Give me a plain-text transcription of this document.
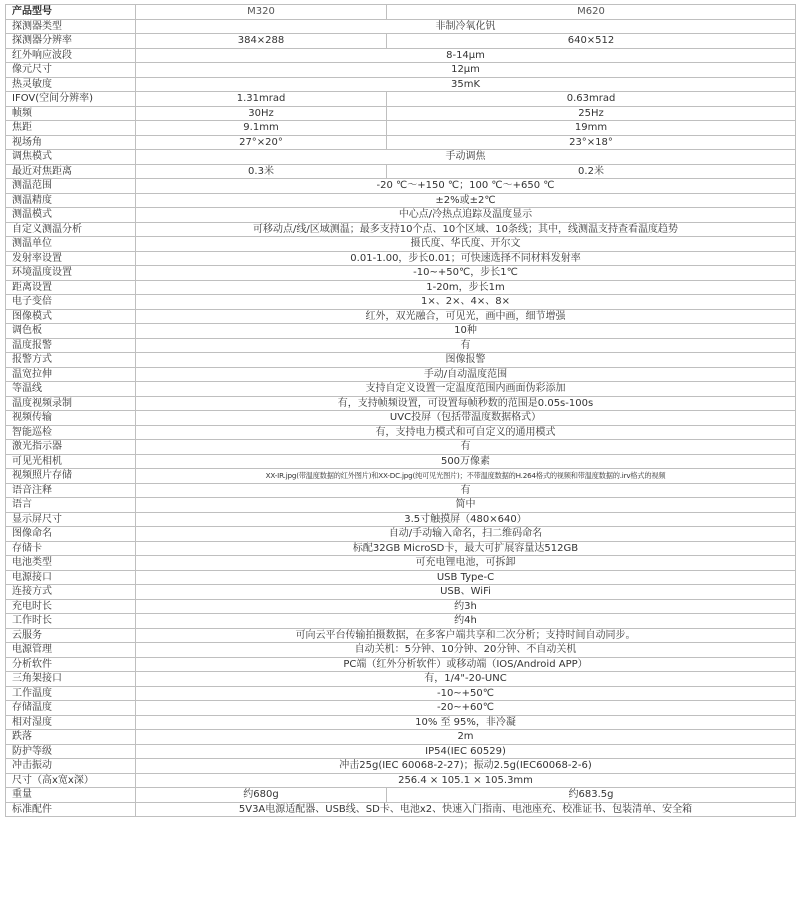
产品型号	M320	M620
探测器类型	非制冷氧化钒	
探测器分辨率	384×288	640×512
红外响应波段	8-14μm	
像元尺寸	12μm	
热灵敏度	35mK	
IFOV(空间分辨率)	1.31mrad	0.63mrad
帧频	30Hz	25Hz
焦距	9.1mm	19mm
视场角	27°×20°	23°×18°
调焦模式	手动调焦	
最近对焦距离	0.3米	0.2米
测温范围	-20 ℃～+150 ℃；100 ℃～+650 ℃	
测温精度	±2%或±2℃	
测温模式	中心点/冷热点追踪及温度显示	
自定义测温分析	可移动点/线/区域测温；最多支持10个点、10个区域、10条线；其中，线测温支持查看温度趋势	
测温单位	摄氏度、华氏度、开尔文	
发射率设置	0.01-1.00，步长0.01；可快速选择不同材料发射率	
环境温度设置	-10~+50℃，步长1℃	
距离设置	1-20m，步长1m	
电子变倍	1×、2×、4×、8×	
图像模式	红外，双光融合，可见光，画中画，细节增强	
调色板	10种	
温度报警	有	
报警方式	图像报警	
温宽拉伸	手动/自动温度范围	
等温线	支持自定义设置一定温度范围内画面伪彩添加	
温度视频录制	有，支持帧频设置，可设置每帧秒数的范围是0.05s-100s	
视频传输	UVC投屏（包括带温度数据格式）	
智能巡检	有，支持电力模式和可自定义的通用模式	
激光指示器	有	
可见光相机	500万像素	
视频照片存储	XX-IR.jpg(带温度数据的红外图片)和XX-DC.jpg(纯可见光图片)；不带温度数据的H.264格式的视频和带温度数据的.irv格式的视频	
语音注释	有	
语言	简中	
显示屏尺寸	3.5寸触摸屏（480×640）	
图像命名	自动/手动输入命名，扫二维码命名	
存储卡	标配32GB MicroSD卡，最大可扩展容量达512GB	
电池类型	可充电锂电池，可拆卸	
电源接口	USB Type-C	
连接方式	USB、WiFi	
充电时长	约3h	
工作时长	约4h	
云服务	可向云平台传输拍摄数据，在多客户端共享和二次分析；支持时间自动同步。	
电源管理	自动关机：5分钟、10分钟、20分钟、不自动关机	
分析软件	PC端（红外分析软件）或移动端（IOS/Android APP）	
三角架接口	有，1/4"-20-UNC	
工作温度	-10~+50℃	
存储温度	-20~+60℃	
相对湿度	10% 至 95%，非冷凝	
跌落	2m	
防护等级	IP54(IEC 60529)	
冲击振动	冲击25g(IEC 60068-2-27)；振动2.5g(IEC60068-2-6)	
尺寸（高x宽x深）	256.4 × 105.1 × 105.3mm	
重量	约680g	约683.5g
标准配件	5V3A电源适配器、USB线、SD卡、电池x2、快速入门指南、电池座充、校准证书、包装清单、安全箱	
